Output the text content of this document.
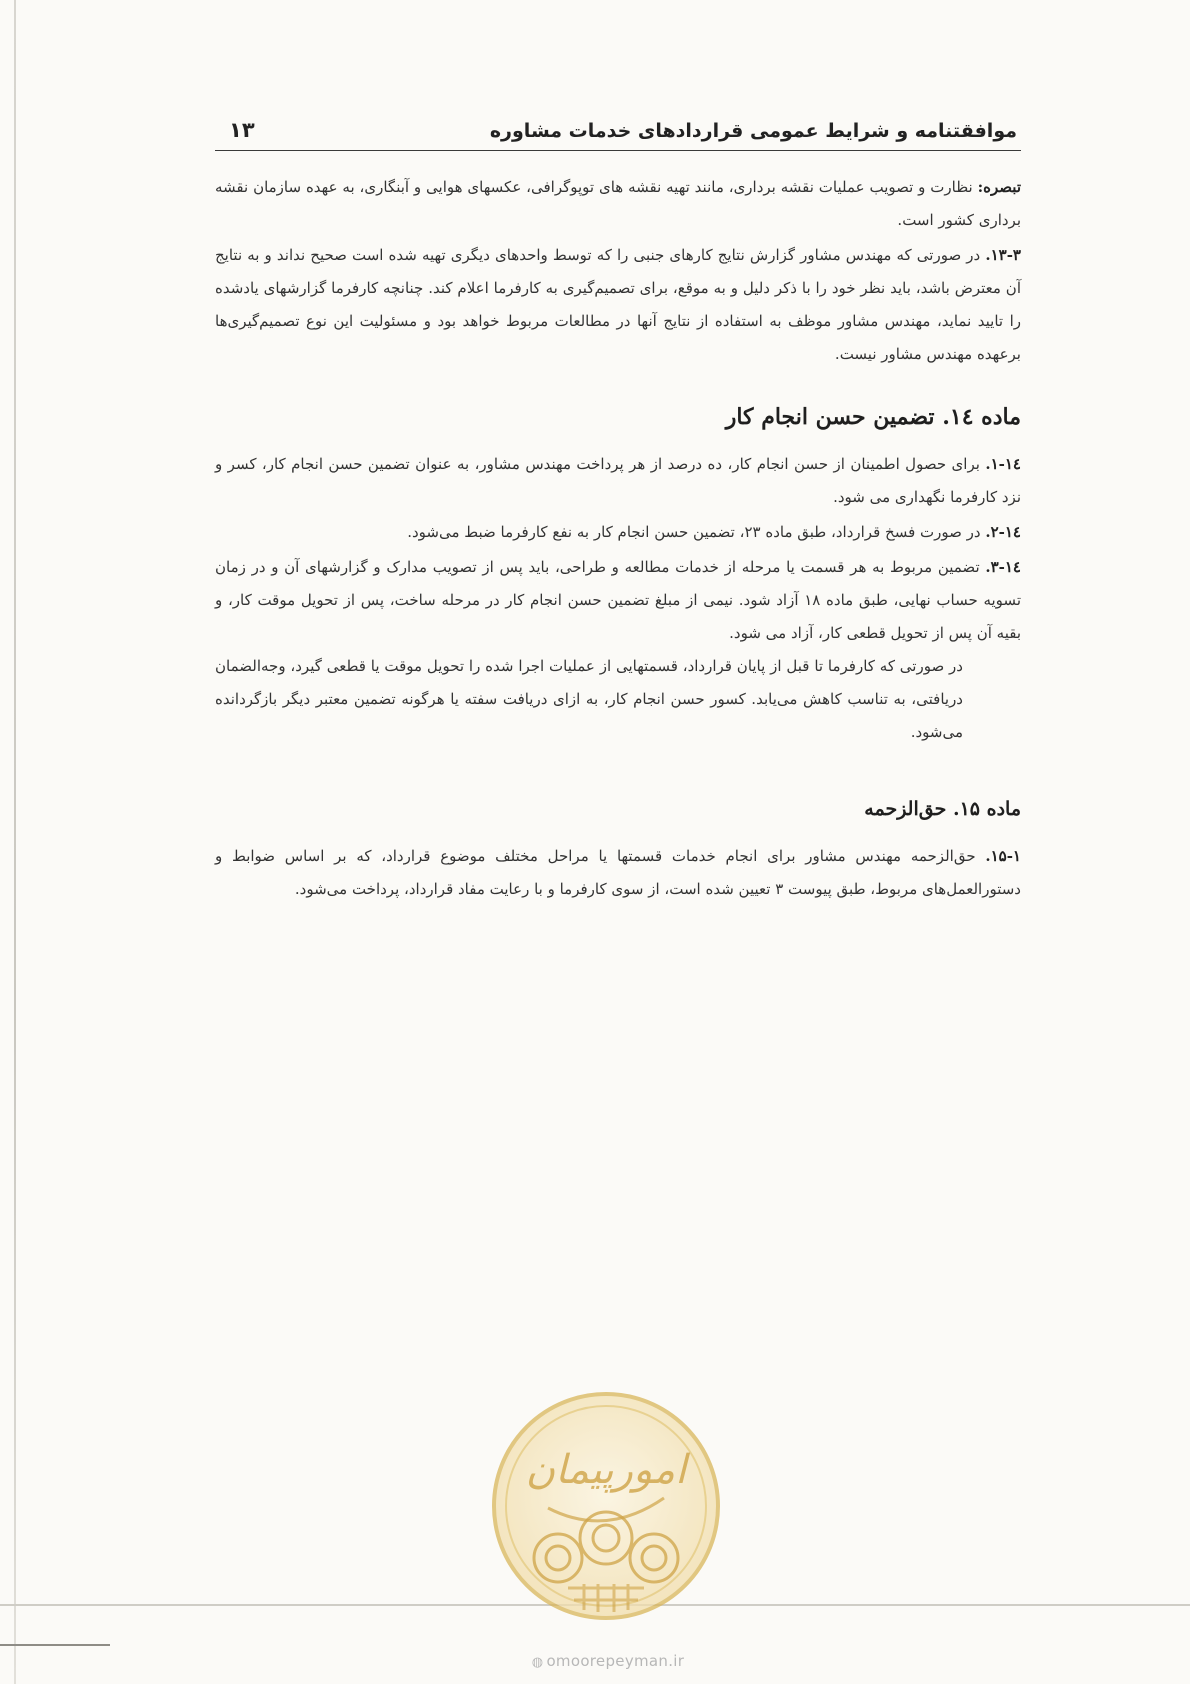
موافقتنامه و شرایط عمومی قراردادهای خدمات مشاوره
۱۳

تبصره: نظارت و تصویب عملیات نقشه برداری، مانند تهیه نقشه های توپوگرافی، عکسهای هوایی و آبنگاری، به عهده سازمان نقشه برداری کشور است.

۱۳-۳. در صورتی که مهندس مشاور گزارش نتایج کارهای جنبی را که توسط واحدهای دیگری تهیه شده است صحیح نداند و به نتایج آن معترض باشد، باید نظر خود را با ذکر دلیل و به موقع، برای تصمیم‌گیری به کارفرما اعلام کند. چنانچه کارفرما گزارشهای یادشده را تایید نماید، مهندس مشاور موظف به استفاده از نتایج آنها در مطالعات مربوط خواهد بود و مسئولیت این نوع تصمیم‌گیری‌ها برعهده مهندس مشاور نیست.

ماده ۱٤. تضمین حسن انجام کار

۱٤-۱. برای حصول اطمینان از حسن انجام کار، ده درصد از هر پرداخت مهندس مشاور، به عنوان تضمین حسن انجام کار، کسر و نزد کارفرما نگهداری می شود.

۱٤-۲. در صورت فسخ قرارداد، طبق ماده ۲۳، تضمین حسن انجام کار به نفع کارفرما ضبط می‌شود.

۱٤-۳. تضمین مربوط به هر قسمت یا مرحله از خدمات مطالعه و طراحی، باید پس از تصویب مدارک و گزارشهای آن و در زمان تسویه حساب نهایی، طبق ماده ۱۸ آزاد شود. نیمی از مبلغ تضمین حسن انجام کار در مرحله ساخت، پس از تحویل موقت کار، و بقیه آن پس از تحویل قطعی کار، آزاد می شود.

در صورتی که کارفرما تا قبل از پایان قرارداد، قسمتهایی از عملیات اجرا شده را تحویل موقت یا قطعی گیرد، وجه‌الضمان دریافتی، به تناسب کاهش می‌یابد. کسور حسن انجام کار، به ازای دریافت سفته یا هرگونه تضمین معتبر دیگر بازگردانده می‌شود.

ماده ۱۵. حق‌الزحمه

۱۵-۱. حق‌الزحمه مهندس مشاور برای انجام خدمات قسمتها یا مراحل مختلف موضوع قرارداد، که بر اساس ضوابط و دستورالعمل‌های مربوط، طبق پیوست ۳ تعیین شده است، از سوی کارفرما و با رعایت مفاد قرارداد، پرداخت می‌شود.

امورپیمان
◍ omoorepeyman.ir
